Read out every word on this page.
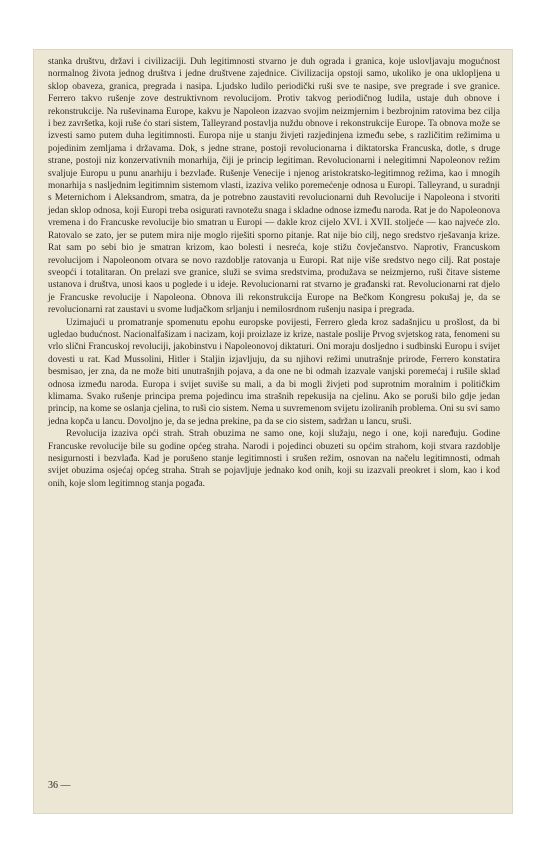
stanka društvu, državi i civilizaciji. Duh legitimnosti stvarno je duh ograda i granica, koje uslovljavaju mogućnost normalnog života jednog društva i jedne društvene zajednice. Civilizacija opstoji samo, ukoliko je ona uklopljena u sklop obaveza, granica, pregrada i nasipa. Ljudsko ludilo periodički ruši sve te nasipe, sve pregrade i sve granice. Ferrero takvo rušenje zove destruktivnom revolucijom. Protiv takvog periodičnog ludila, ustaje duh obnove i rekonstrukcije. Na ruševinama Europe, kakvu je Napoleon izazvao svojim neizmjernim i bezbrojnim ratovima bez cilja i bez završetka, koji ruše ćo stari sistem, Talleyrand postavlja nuždu obnove i rekonstrukcije Europe. Ta obnova može se izvesti samo putem duha legitimnosti. Europa nije u stanju živjeti razjedinjena između sebe, s različitim režimima u pojedinim zemljama i državama. Dok, s jedne strane, postoji revolucionarna i diktatorska Francuska, dotle, s druge strane, postoji niz konzervativnih monarhija, čiji je princip legitiman. Revolucionarni i nelegitimni Napoleonov režim svaljuje Europu u punu anarhiju i bezvlađe. Rušenje Venecije i njenog aristokratsko-legitimnog režima, kao i mnogih monarhija s nasljednim legitimnim sistemom vlasti, izaziva veliko poremećenje odnosa u Europi. Talleyrand, u suradnji s Meternichom i Aleksandrom, smatra, da je potrebno zaustaviti revolucionarni duh Revolucije i Napoleona i stvoriti jedan sklop odnosa, koji Europi treba osigurati ravnotežu snaga i skladne odnose između naroda. Rat je do Napoleonova vremena i do Francuske revolucije bio smatran u Europi — dakle kroz cijelo XVI. i XVII. stoljeće — kao najveće zlo. Ratovalo se zato, jer se putem mira nije moglo riješiti sporno pitanje. Rat nije bio cilj, nego sredstvo rješavanja krize. Rat sam po sebi bio je smatran krizom, kao bolesti i nesreća, koje stižu čovječanstvo. Naprotiv, Francuskom revolucijom i Napoleonom otvara se novo razdoblje ratovanja u Europi. Rat nije više sredstvo nego cilj. Rat postaje sveopći i totalitaran. On prelazi sve granice, služi se svima sredstvima, produžava se neizmjerno, ruši čitave sisteme ustanova i društva, unosi kaos u poglede i u ideje. Revolucionarni rat stvarno je građanski rat. Revolucionarni rat djelo je Francuske revolucije i Napoleona. Obnova ili rekonstrukcija Europe na Bečkom Kongresu pokušaj je, da se revolucionarni rat zaustavi u svome ludjačkom srljanju i nemilosrdnom rušenju nasipa i pregrada.

Uzimajući u promatranje spomenutu epohu europske povijesti, Ferrero gleda kroz sadašnjicu u prošlost, da bi ugledao budućnost. Nacionalfašizam i nacizam, koji proizlaze iz krize, nastale poslije Prvog svjetskog rata, fenomeni su vrlo slični Francuskoj revoluciji, jakobinstvu i Napoleonovoj diktaturi. Oni moraju dosljedno i sudbinski Europu i svijet dovesti u rat. Kad Mussolini, Hitler i Staljin izjavljuju, da su njihovi režimi unutrašnje prirode, Ferrero konstatira besmisao, jer zna, da ne može biti unutrašnjih pojava, a da one ne bi odmah izazvale vanjski poremećaj i rušile sklad odnosa između naroda. Europa i svijet suviše su mali, a da bi mogli živjeti pod suprotnim moralnim i političkim klimama. Svako rušenje principa prema pojedincu ima strašnih repekusija na cjelinu. Ako se poruši bilo gdje jedan princip, na kome se oslanja cjelina, to ruši cio sistem. Nema u suvremenom svijetu izoliranih problema. Oni su svi samo jedna kopča u lancu. Dovoljno je, da se jedna prekine, pa da se cio sistem, sadržan u lancu, sruši.

Revolucija izaziva opći strah. Strah obuzima ne samo one, koji služaju, nego i one, koji naređuju. Godine Francuske revolucije bile su godine općeg straha. Narodi i pojedinci obuzeti su općim strahom, koji stvara razdoblje nesigurnosti i bezvlađa. Kad je porušeno stanje legitimnosti i srušen režim, osnovan na načelu legitimnosti, odmah svijet obuzima osjećaj općeg straha. Strah se pojavljuje jednako kod onih, koji su izazvali preokret i slom, kao i kod onih, koje slom legitimnog stanja pogađa.

36 —
